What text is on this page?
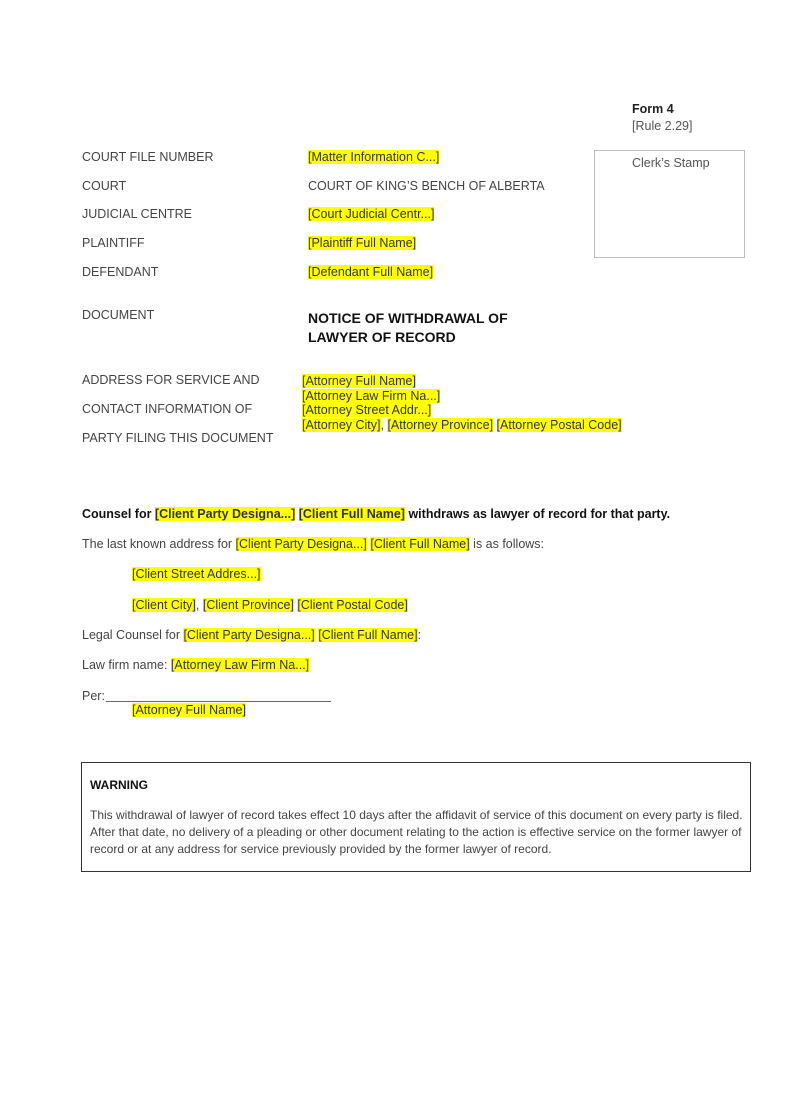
Form 4
[Rule 2.29]
Clerk’s Stamp
COURT FILE NUMBER	[Matter Information C...]
COURT	COURT OF KING’S BENCH OF ALBERTA
JUDICIAL CENTRE	[Court Judicial Centr...]
PLAINTIFF	[Plaintiff Full Name]
DEFENDANT	[Defendant Full Name]
DOCUMENT	NOTICE OF WITHDRAWAL OF
LAWYER OF RECORD
ADDRESS FOR SERVICE AND
CONTACT INFORMATION OF
PARTY FILING THIS DOCUMENT
[Attorney Full Name]
[Attorney Law Firm Na...]
[Attorney Street Addr...]
[Attorney City], [Attorney Province] [Attorney Postal Code]
Counsel for [Client Party Designa...] [Client Full Name] withdraws as lawyer of record for that party.
The last known address for [Client Party Designa...] [Client Full Name] is as follows:
[Client Street Addres...]
[Client City], [Client Province] [Client Postal Code]
Legal Counsel for [Client Party Designa...] [Client Full Name]:
Law firm name: [Attorney Law Firm Na...]
Per:
[Attorney Full Name]
WARNING
This withdrawal of lawyer of record takes effect 10 days after the affidavit of service of this document on every party is filed. After that date, no delivery of a pleading or other document relating to the action is effective service on the former lawyer of record or at any address for service previously provided by the former lawyer of record.
